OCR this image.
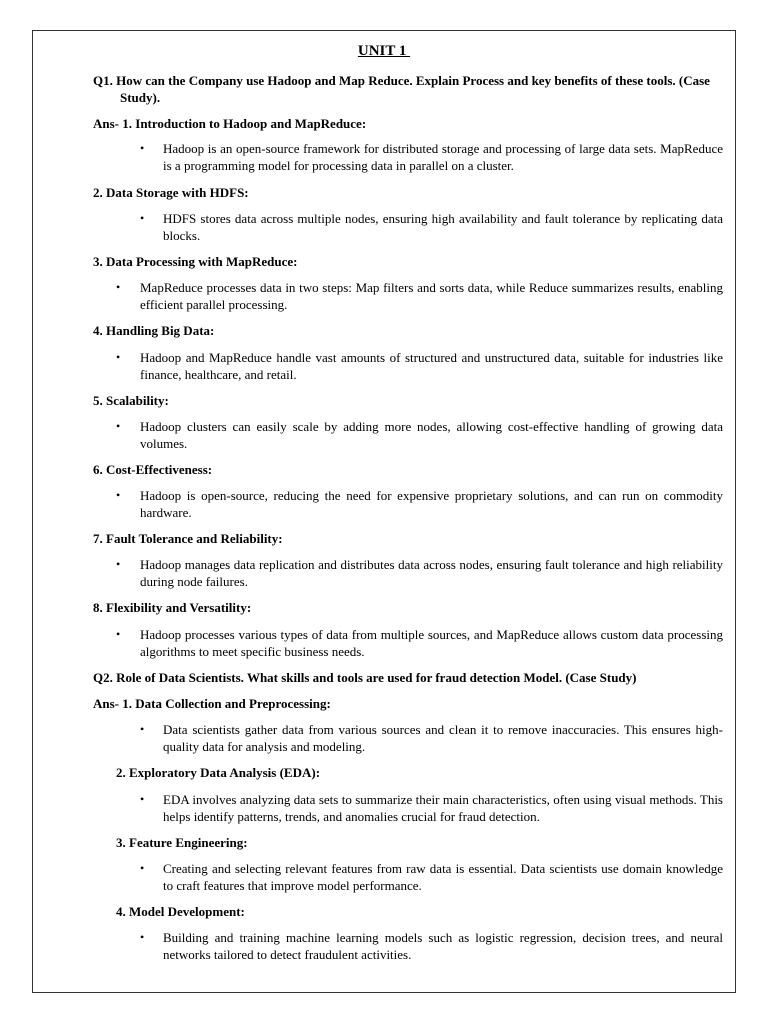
UNIT 1
Q1. How can the Company use Hadoop and Map Reduce. Explain Process and key benefits of these tools. (Case Study).
Ans- 1. Introduction to Hadoop and MapReduce:
• Hadoop is an open-source framework for distributed storage and processing of large data sets. MapReduce is a programming model for processing data in parallel on a cluster.
2. Data Storage with HDFS:
• HDFS stores data across multiple nodes, ensuring high availability and fault tolerance by replicating data blocks.
3. Data Processing with MapReduce:
• MapReduce processes data in two steps: Map filters and sorts data, while Reduce summarizes results, enabling efficient parallel processing.
4. Handling Big Data:
• Hadoop and MapReduce handle vast amounts of structured and unstructured data, suitable for industries like finance, healthcare, and retail.
5. Scalability:
• Hadoop clusters can easily scale by adding more nodes, allowing cost-effective handling of growing data volumes.
6. Cost-Effectiveness:
• Hadoop is open-source, reducing the need for expensive proprietary solutions, and can run on commodity hardware.
7. Fault Tolerance and Reliability:
• Hadoop manages data replication and distributes data across nodes, ensuring fault tolerance and high reliability during node failures.
8. Flexibility and Versatility:
• Hadoop processes various types of data from multiple sources, and MapReduce allows custom data processing algorithms to meet specific business needs.
Q2. Role of Data Scientists. What skills and tools are used for fraud detection Model. (Case Study)
Ans- 1. Data Collection and Preprocessing:
• Data scientists gather data from various sources and clean it to remove inaccuracies. This ensures high-quality data for analysis and modeling.
2. Exploratory Data Analysis (EDA):
• EDA involves analyzing data sets to summarize their main characteristics, often using visual methods. This helps identify patterns, trends, and anomalies crucial for fraud detection.
3. Feature Engineering:
• Creating and selecting relevant features from raw data is essential. Data scientists use domain knowledge to craft features that improve model performance.
4. Model Development:
• Building and training machine learning models such as logistic regression, decision trees, and neural networks tailored to detect fraudulent activities.
